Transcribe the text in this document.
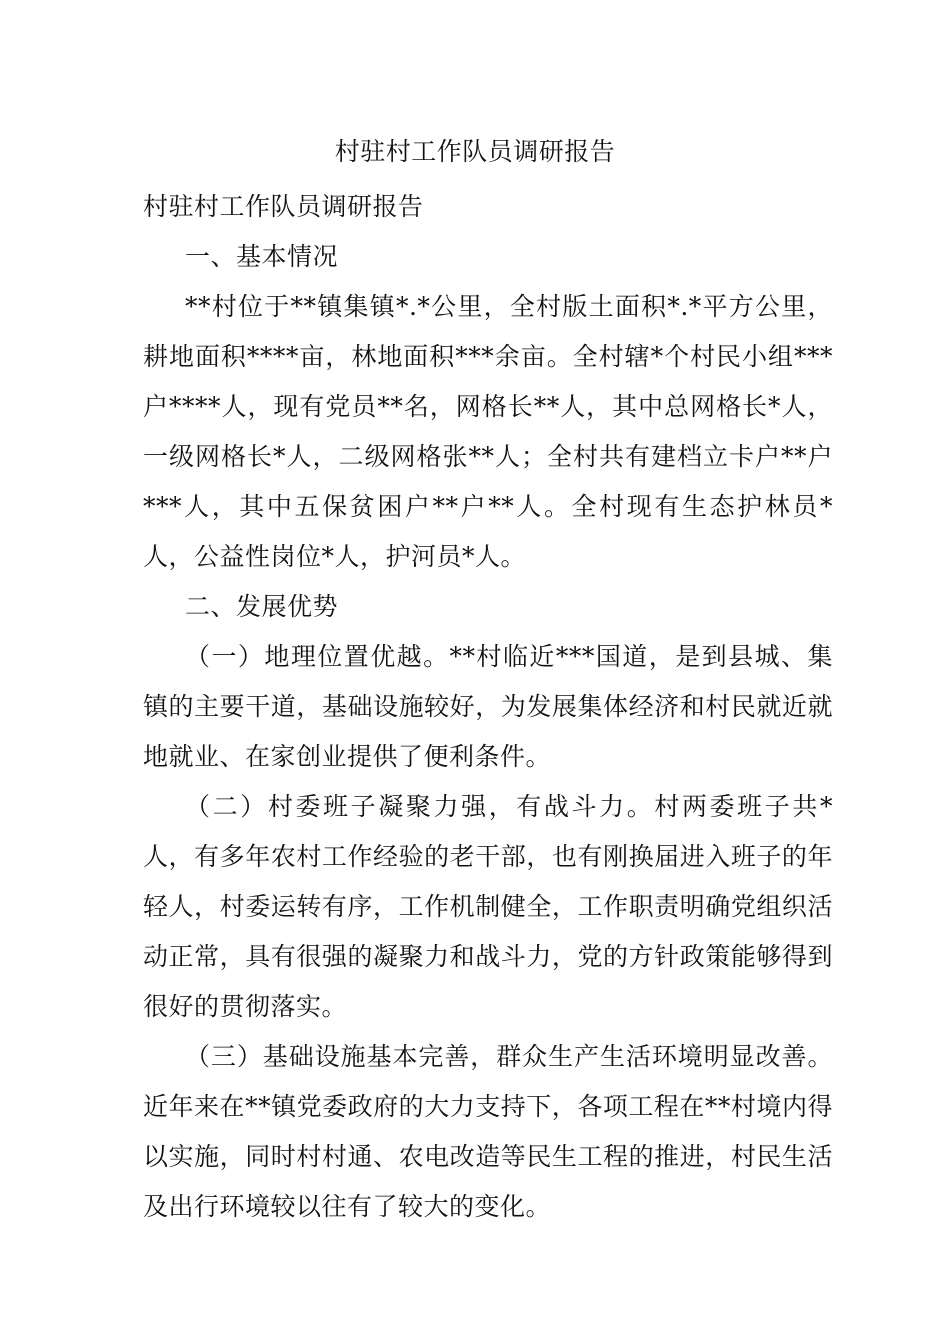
村驻村工作队员调研报告

村驻村工作队员调研报告

一、基本情况

**村位于**镇集镇*.*公里，全村版土面积*.*平方公里，耕地面积****亩，林地面积***余亩。全村辖*个村民小组***户****人，现有党员**名，网格长**人，其中总网格长*人，一级网格长*人，二级网格张**人；全村共有建档立卡户**户***人，其中五保贫困户**户**人。全村现有生态护林员*人，公益性岗位*人，护河员*人。

二、发展优势

（一）地理位置优越。**村临近***国道，是到县城、集镇的主要干道，基础设施较好，为发展集体经济和村民就近就地就业、在家创业提供了便利条件。

（二）村委班子凝聚力强，有战斗力。村两委班子共*人，有多年农村工作经验的老干部，也有刚换届进入班子的年轻人，村委运转有序，工作机制健全，工作职责明确党组织活动正常，具有很强的凝聚力和战斗力，党的方针政策能够得到很好的贯彻落实。

（三）基础设施基本完善，群众生产生活环境明显改善。近年来在**镇党委政府的大力支持下，各项工程在**村境内得以实施，同时村村通、农电改造等民生工程的推进，村民生活及出行环境较以往有了较大的变化。
